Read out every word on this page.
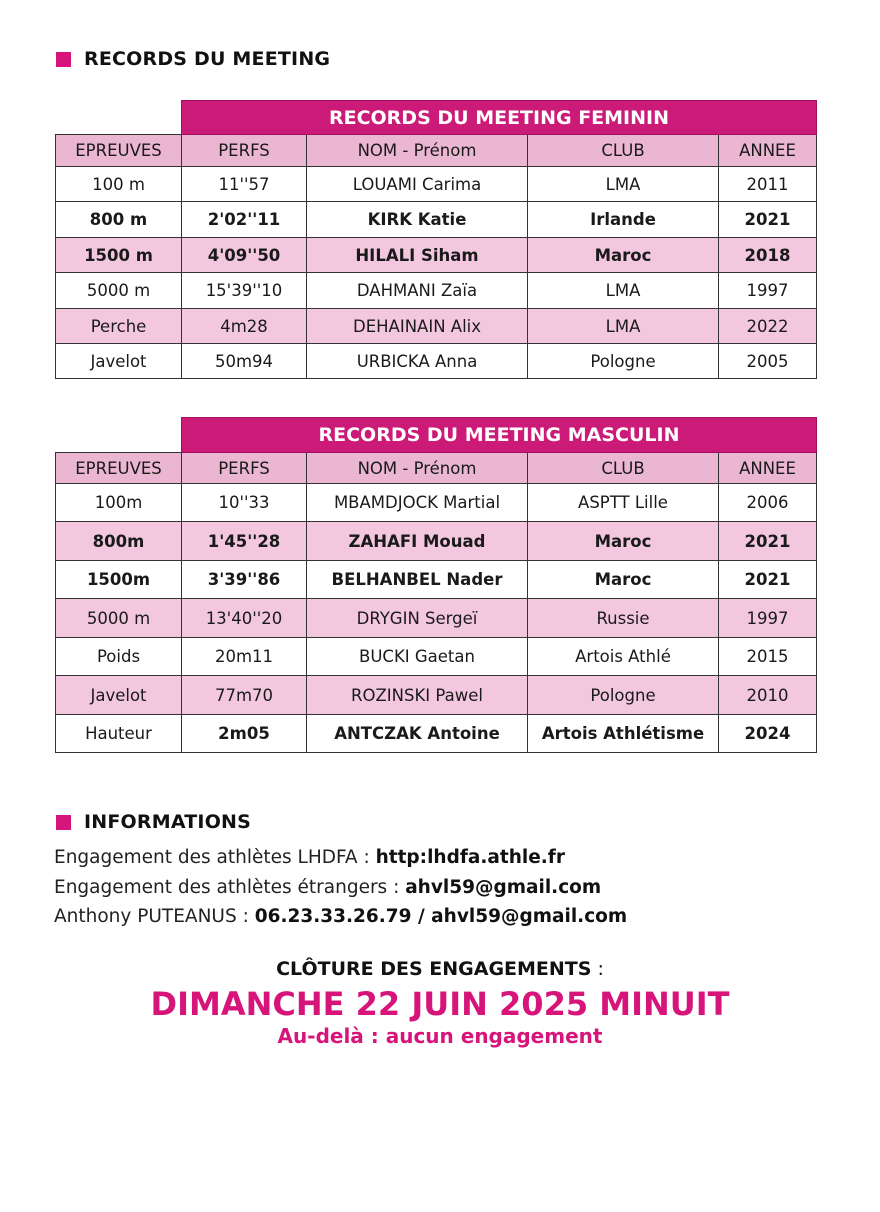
RECORDS DU MEETING
	RECORDS DU MEETING FEMININ			
EPREUVES	PERFS	NOM - Prénom	CLUB	ANNEE
100 m	11''57	LOUAMI Carima	LMA	2011
800 m	2'02''11	KIRK Katie	Irlande	2021
1500 m	4'09''50	HILALI Siham	Maroc	2018
5000 m	15'39''10	DAHMANI Zaïa	LMA	1997
Perche	4m28	DEHAINAIN Alix	LMA	2022
Javelot	50m94	URBICKA Anna	Pologne	2005
	RECORDS DU MEETING MASCULIN			
EPREUVES	PERFS	NOM - Prénom	CLUB	ANNEE
100m	10''33	MBAMDJOCK Martial	ASPTT Lille	2006
800m	1'45''28	ZAHAFI Mouad	Maroc	2021
1500m	3'39''86	BELHANBEL Nader	Maroc	2021
5000 m	13'40''20	DRYGIN Sergeï	Russie	1997
Poids	20m11	BUCKI Gaetan	Artois Athlé	2015
Javelot	77m70	ROZINSKI Pawel	Pologne	2010
Hauteur	2m05	ANTCZAK Antoine	Artois Athlétisme	2024
INFORMATIONS
Engagement des athlètes LHDFA : http:lhdfa.athle.fr
Engagement des athlètes étrangers : ahvl59@gmail.com
Anthony PUTEANUS : 06.23.33.26.79 / ahvl59@gmail.com
CLÔTURE DES ENGAGEMENTS :
DIMANCHE 22 JUIN 2025 MINUIT
Au-delà : aucun engagement
